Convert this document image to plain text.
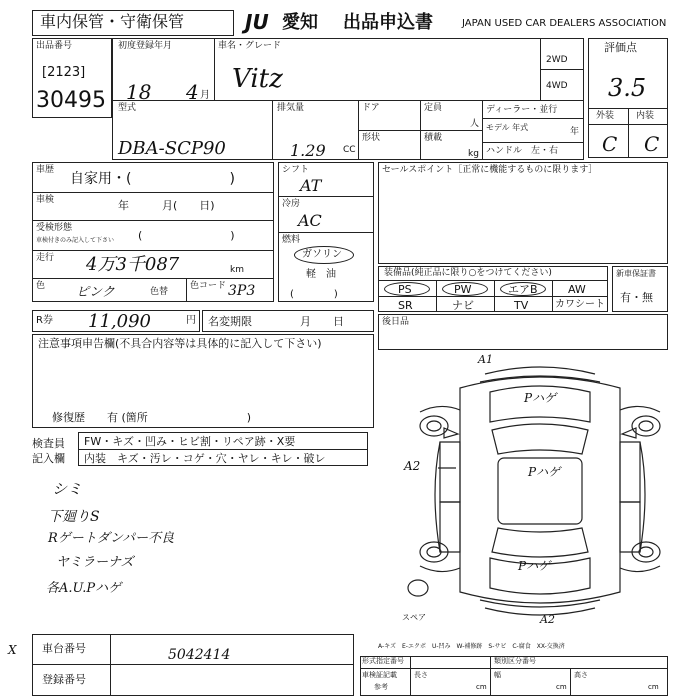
車内保管・守衛保管	JU 愛知 出品申込書	JAPAN USED CAR DEALERS ASSOCIATION
出品番号
[2123]
30495
初度登録年月
18 4 月
車名・グレード
Vitz
2WD
4WD
型式
DBA-SCP90
排気量
1.29 CC
ドア
形状
定員
人
積載
kg
ディーラー・並行
モデル 年式	年
ハンドル　左・右
評価点
3.5
外装 内装
C C
車歴
自家用・(　　　　　　　)
車検	年　　　月(　　日)
受検形態
車検付きのみ記入して下さい (　　　　　　　　)
走行 4万3千087	km
色 ピンク	色替
色コード 3P3
シフト
AT
冷房
AC
燃料
ガソリン
軽　油
(　　　　)
セールスポイント［正常に機能するものに限ります］
装備品(純正品に限り○をつけてください)
PS	PW	エアB	AW
SR	ナビ	TV	カワシート
新車保証書
有・無
R券 11,090	円 名変期限	月　　日	後日品
注意事項申告欄(不具合内容等は具体的に記入して下さい)
修復歴　　有 (箇所　　　　　　　　　)
検査員 記入欄
FW・キズ・凹み・ヒビ割・リペア跡・X要
内装　キズ・汚レ・コゲ・穴・ヤレ・キレ・破レ
シミ
下廻りS
Rゲートダンパー不良
ヤミラーナズ
各A.U.Pハゲ
A1
A2
A2
Pハゲ
Pハゲ
Pハゲ
スペア
A-キズ　E-エクボ　U-凹み　W-補修跡　S-サビ　C-腐食　XX-交換済
X 車台番号	5042414
登録番号
形式指定番号	類別区分番号
車検証記載 長さ	幅	高さ
参考	cm	cm	cm
